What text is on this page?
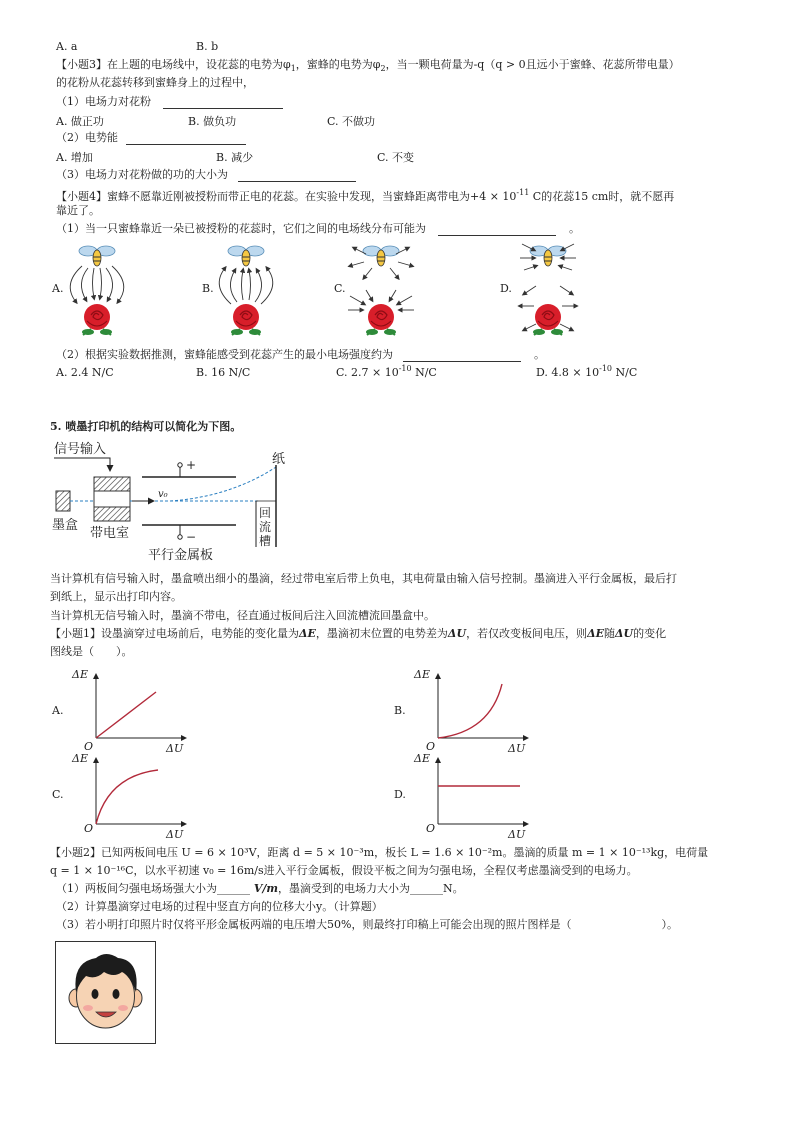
A. a	B. b
【小题3】在上题的电场线中，设花蕊的电势为$\varphi_1$，蜜蜂的电势为$\varphi_2$，当一颗电荷量为-q（q > 0且远小于蜜蜂、花蕊所带电量）
的花粉从花蕊转移到蜜蜂身上的过程中，
（1）电场力对花粉
A. 做正功	B. 做负功	C. 不做功
（2）电势能
A. 增加	B. 减少	C. 不变
（3）电场力对花粉做的功的大小为
【小题4】蜜蜂不愿靠近刚被授粉而带正电的花蕊。在实验中发现，当蜜蜂距离带电为$+4 \times 10^{-11}$ C的花蕊15 cm时，就不愿再
靠近了。
（1）当一只蜜蜂靠近一朵已被授粉的花蕊时，它们之间的电场线分布可能为	。
A.	B.	C.	D.
（2）根据实验数据推测，蜜蜂能感受到花蕊产生的最小电场强度约为	。
A. 2.4 N/C	B. 16 N/C	C. $2.7 \times 10^{-10}$ N/C	D. $4.8 \times 10^{-10}$ N/C
5. 喷墨打印机的结构可以简化为下图。
信号输入
墨盒
带电室
v₀
+
−
平行金属板
纸
回
流
槽
当计算机有信号输入时，墨盒喷出细小的墨滴，经过带电室后带上负电，其电荷量由输入信号控制。墨滴进入平行金属板，最后打
到纸上，显示出打印内容。
当计算机无信号输入时，墨滴不带电，径直通过板间后注入回流槽流回墨盒中。
【小题1】设墨滴穿过电场前后，电势能的变化量为ΔE，墨滴初末位置的电势差为ΔU，若仅改变板间电压，则ΔE随ΔU的变化
图线是（　　）。
A.
ΔE
ΔU
O
B.
ΔE
ΔU
O
C.
ΔE
ΔU
O
D.
ΔE
ΔU
O
【小题2】已知两板间电压 U = 6 × 10³V，距离 d = 5 × 10⁻³m，板长 L = 1.6 × 10⁻²m。墨滴的质量 m = 1 × 10⁻¹³kg，电荷量
q = 1 × 10⁻¹⁶C，以水平初速 v₀ = 16m/s进入平行金属板，假设平板之间为匀强电场，全程仅考虑墨滴受到的电场力。
（1）两板间匀强电场场强大小为______ V/m，墨滴受到的电场力大小为______N。
（2）计算墨滴穿过电场的过程中竖直方向的位移大小y。（计算题）
（3）若小明打印照片时仅将平形金属板两端的电压增大50%，则最终打印稿上可能会出现的照片图样是（	）。
